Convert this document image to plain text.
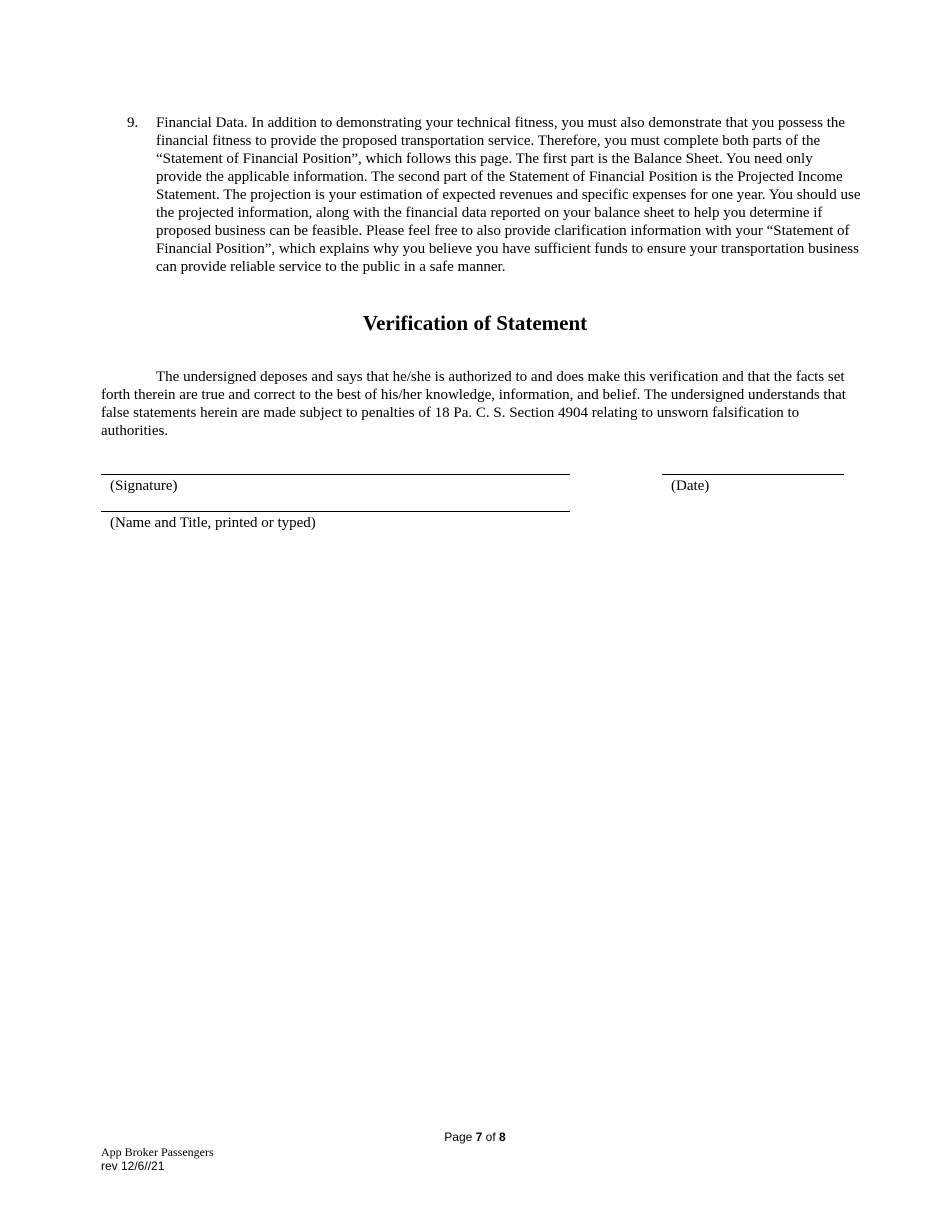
9. Financial Data. In addition to demonstrating your technical fitness, you must also demonstrate that you possess the financial fitness to provide the proposed transportation service. Therefore, you must complete both parts of the “Statement of Financial Position”, which follows this page. The first part is the Balance Sheet. You need only provide the applicable information. The second part of the Statement of Financial Position is the Projected Income Statement. The projection is your estimation of expected revenues and specific expenses for one year. You should use the projected information, along with the financial data reported on your balance sheet to help you determine if proposed business can be feasible. Please feel free to also provide clarification information with your “Statement of Financial Position”, which explains why you believe you have sufficient funds to ensure your transportation business can provide reliable service to the public in a safe manner.
Verification of Statement
The undersigned deposes and says that he/she is authorized to and does make this verification and that the facts set forth therein are true and correct to the best of his/her knowledge, information, and belief. The undersigned understands that false statements herein are made subject to penalties of 18 Pa. C. S. Section 4904 relating to unsworn falsification to authorities.
(Signature)	(Date)
(Name and Title, printed or typed)
Page 7 of 8
App Broker Passengers
rev 12/6//21
